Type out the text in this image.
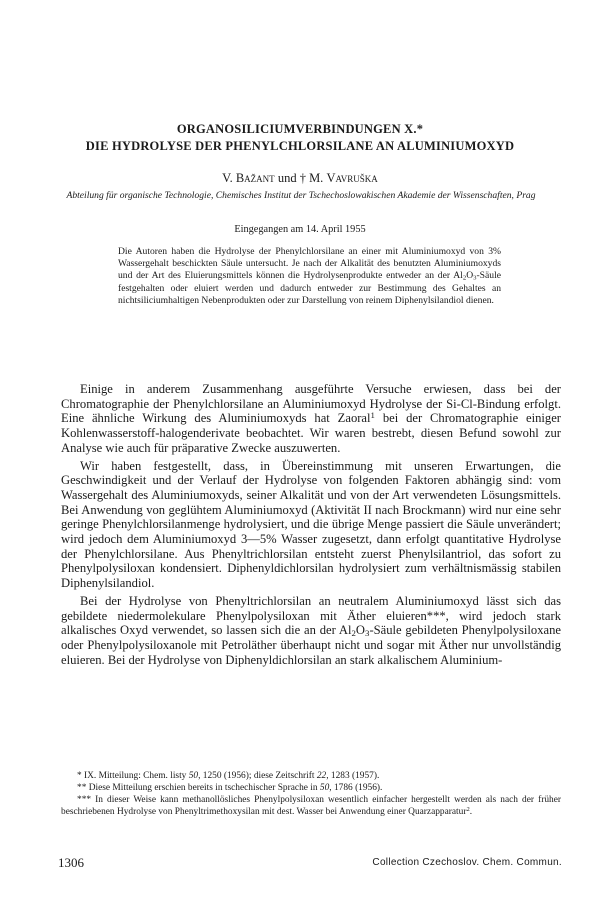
ORGANOSILICIUMVERBINDUNGEN X.*
DIE HYDROLYSE DER PHENYLCHLORSILANE AN ALUMINIUMOXYD
V. Bažant und † M. Vavruška
Abteilung für organische Technologie, Chemisches Institut der Tschechoslowakischen Akademie der Wissenschaften, Prag
Eingegangen am 14. April 1955
Die Autoren haben die Hydrolyse der Phenylchlorsilane an einer mit Aluminiumoxyd von 3% Wassergehalt beschickten Säule untersucht. Je nach der Alkalität des benutzten Aluminiumoxyds und der Art des Eluierungsmittels können die Hydrolysenprodukte entweder an der $Al_2O_3$-Säule festgehalten oder eluiert werden und dadurch entweder zur Bestimmung des Gehaltes an nichtsiliciumhaltigen Nebenprodukten oder zur Darstellung von reinem Diphenylsilandiol dienen.

Einige in anderem Zusammenhang ausgeführte Versuche erwiesen, dass bei der Chromatographie der Phenylchlorsilane an Aluminiumoxyd Hydrolyse der Si-Cl-Bindung erfolgt. Eine ähnliche Wirkung des Aluminiumoxyds hat Zaoral$^1$ bei der Chromatographie einiger Kohlenwasserstoff-halogenderivate beobachtet. Wir waren bestrebt, diesen Befund sowohl zur Analyse wie auch für präparative Zwecke auszuwerten.

Wir haben festgestellt, dass, in Übereinstimmung mit unseren Erwartungen, die Geschwindigkeit und der Verlauf der Hydrolyse von folgenden Faktoren abhängig sind: vom Wassergehalt des Aluminiumoxyds, seiner Alkalität und von der Art verwendeten Lösungsmittels. Bei Anwendung von geglühtem Aluminiumoxyd (Aktivität II nach Brockmann) wird nur eine sehr geringe Phenylchlorsilanmenge hydrolysiert, und die übrige Menge passiert die Säule unverändert; wird jedoch dem Aluminiumoxyd 3—5% Wasser zugesetzt, dann erfolgt quantitative Hydrolyse der Phenylchlorsilane. Aus Phenyltrichlorsilan entsteht zuerst Phenylsilantriol, das sofort zu Phenylpolysiloxan kondensiert. Diphenyldichlorsilan hydrolysiert zum verhältnismässig stabilen Diphenylsilandiol.

Bei der Hydrolyse von Phenyltrichlorsilan an neutralem Aluminiumoxyd lässt sich das gebildete niedermolekulare Phenylpolysiloxan mit Äther eluieren***, wird jedoch stark alkalisches Oxyd verwendet, so lassen sich die an der $Al_2O_3$-Säule gebildeten Phenylpolysiloxane oder Phenylpolysiloxanole mit Petroläther überhaupt nicht und sogar mit Äther nur unvollständig eluieren. Bei der Hydrolyse von Diphenyldichlorsilan an stark alkalischem Aluminium-

* IX. Mitteilung: Chem. listy 50, 1250 (1956); diese Zeitschrift 22, 1283 (1957).

** Diese Mitteilung erschien bereits in tschechischer Sprache in 50, 1786 (1956).

*** In dieser Weise kann methanollösliches Phenylpolysiloxan wesentlich einfacher hergestellt werden als nach der früher beschriebenen Hydrolyse von Phenyltrimethoxysilan mit dest. Wasser bei Anwendung einer Quarzapparatur$^2$.

1306	Collection Czechoslov. Chem. Commun.
